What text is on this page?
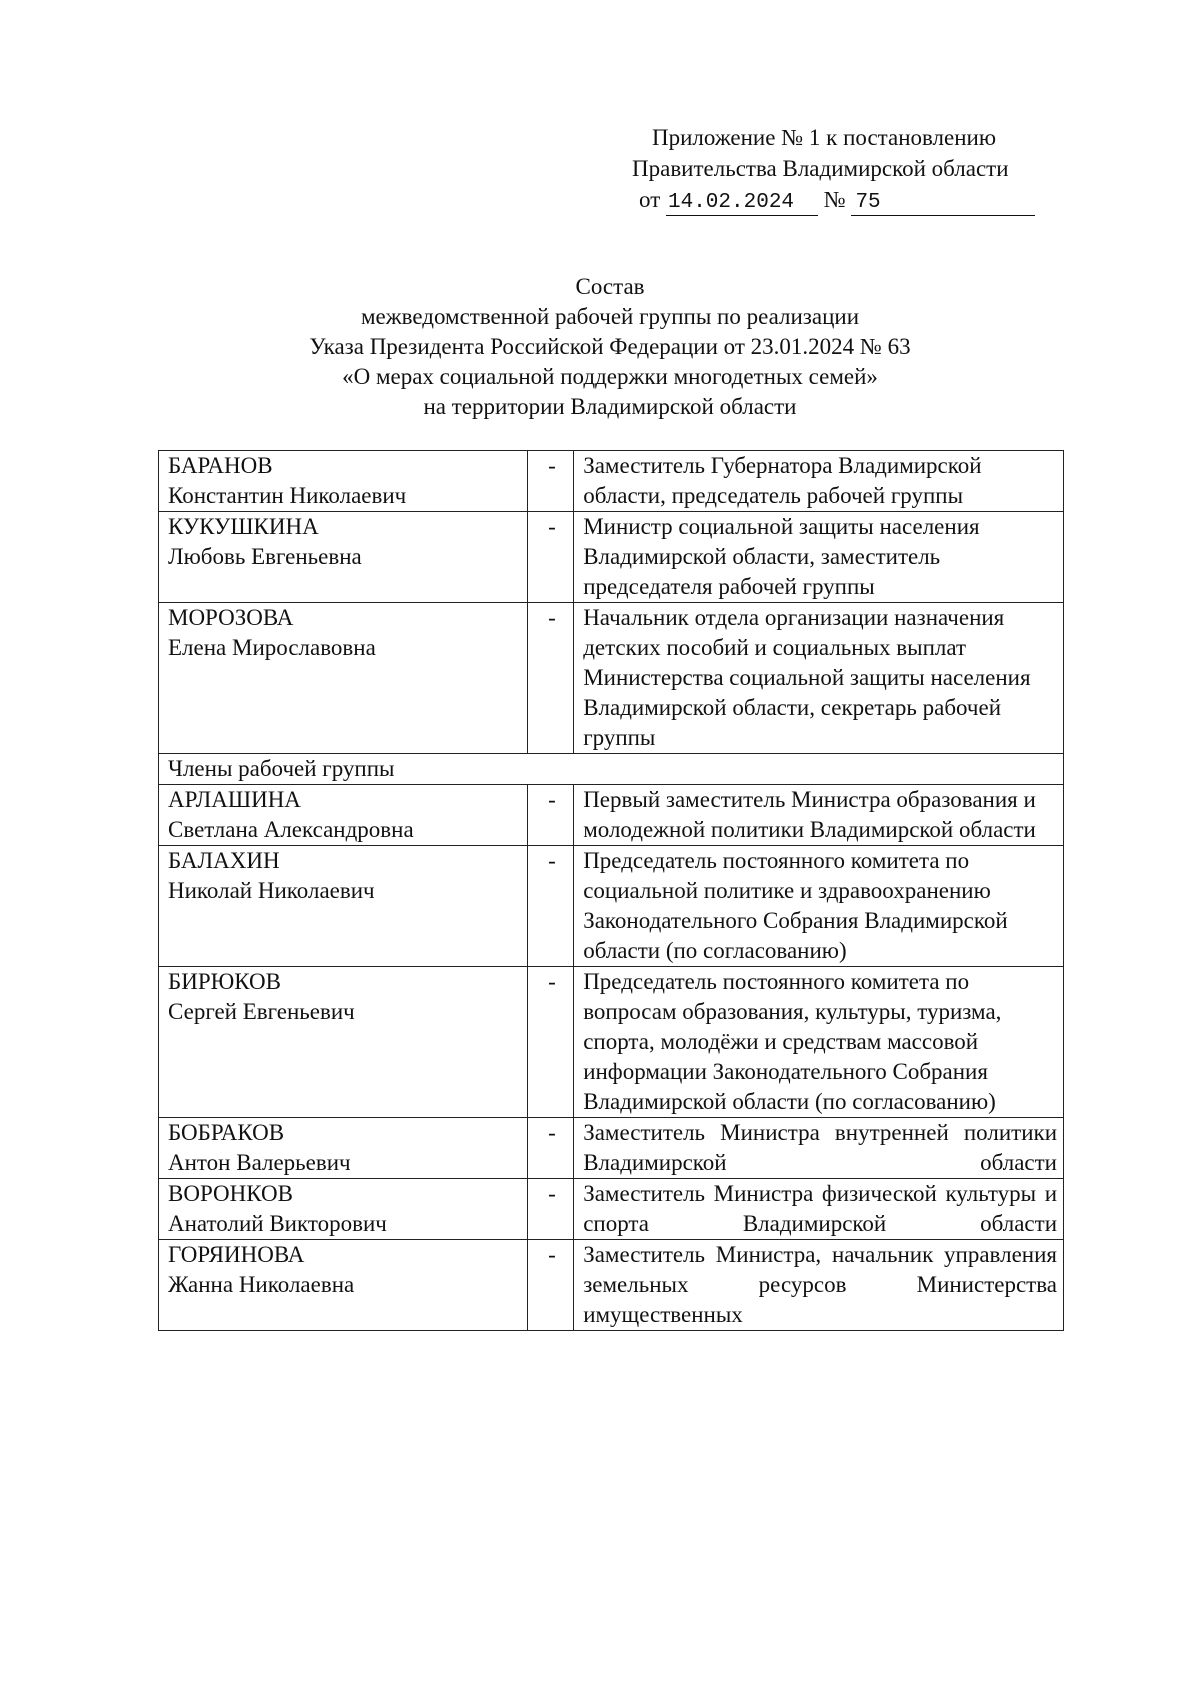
Приложение № 1 к постановлению
Правительства Владимирской области
от 14.02.2024 № 75
Состав
межведомственной рабочей группы по реализации
Указа Президента Российской Федерации от 23.01.2024 № 63
«О мерах социальной поддержки многодетных семей»
на территории Владимирской области
БАРАНОВ
Константин Николаевич	-	Заместитель Губернатора Владимирской области, председатель рабочей группы

КУКУШКИНА
Любовь Евгеньевна	-	Министр социальной защиты населения Владимирской области, заместитель председателя рабочей группы

МОРОЗОВА
Елена Мирославовна	-	Начальник отдела организации назначения детских пособий и социальных выплат Министерства социальной защиты населения Владимирской области, секретарь рабочей группы
Члены рабочей группы		

АРЛАШИНА
Светлана Александровна	-	Первый заместитель Министра образования и молодежной политики Владимирской области

БАЛАХИН
Николай Николаевич	-	Председатель постоянного комитета по социальной политике и здравоохранению Законодательного Собрания Владимирской области (по согласованию)

БИРЮКОВ
Сергей Евгеньевич	-	Председатель постоянного комитета по вопросам образования, культуры, туризма, спорта, молодёжи и средствам массовой информации Законодательного Собрания Владимирской области (по согласованию)

БОБРАКОВ
Антон Валерьевич	-	Заместитель Министра внутренней политики Владимирской области

ВОРОНКОВ
Анатолий Викторович	-	Заместитель Министра физической культуры и спорта Владимирской области

ГОРЯИНОВА
Жанна Николаевна	-	Заместитель Министра, начальник управления земельных ресурсов Министерства имущественных
